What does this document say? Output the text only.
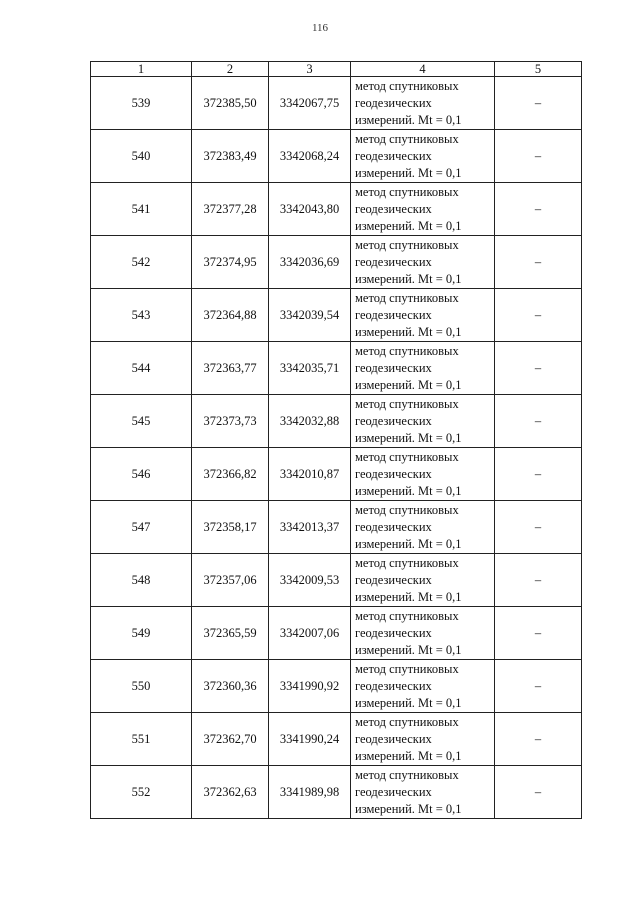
116
1	2	3	4	5
539	372385,50	3342067,75	метод спутниковых
геодезических
измерений. Mt = 0,1	–
540	372383,49	3342068,24	метод спутниковых
геодезических
измерений. Mt = 0,1	–
541	372377,28	3342043,80	метод спутниковых
геодезических
измерений. Mt = 0,1	–
542	372374,95	3342036,69	метод спутниковых
геодезических
измерений. Mt = 0,1	–
543	372364,88	3342039,54	метод спутниковых
геодезических
измерений. Mt = 0,1	–
544	372363,77	3342035,71	метод спутниковых
геодезических
измерений. Mt = 0,1	–
545	372373,73	3342032,88	метод спутниковых
геодезических
измерений. Mt = 0,1	–
546	372366,82	3342010,87	метод спутниковых
геодезических
измерений. Mt = 0,1	–
547	372358,17	3342013,37	метод спутниковых
геодезических
измерений. Mt = 0,1	–
548	372357,06	3342009,53	метод спутниковых
геодезических
измерений. Mt = 0,1	–
549	372365,59	3342007,06	метод спутниковых
геодезических
измерений. Mt = 0,1	–
550	372360,36	3341990,92	метод спутниковых
геодезических
измерений. Mt = 0,1	–
551	372362,70	3341990,24	метод спутниковых
геодезических
измерений. Mt = 0,1	–
552	372362,63	3341989,98	метод спутниковых
геодезических
измерений. Mt = 0,1	–
